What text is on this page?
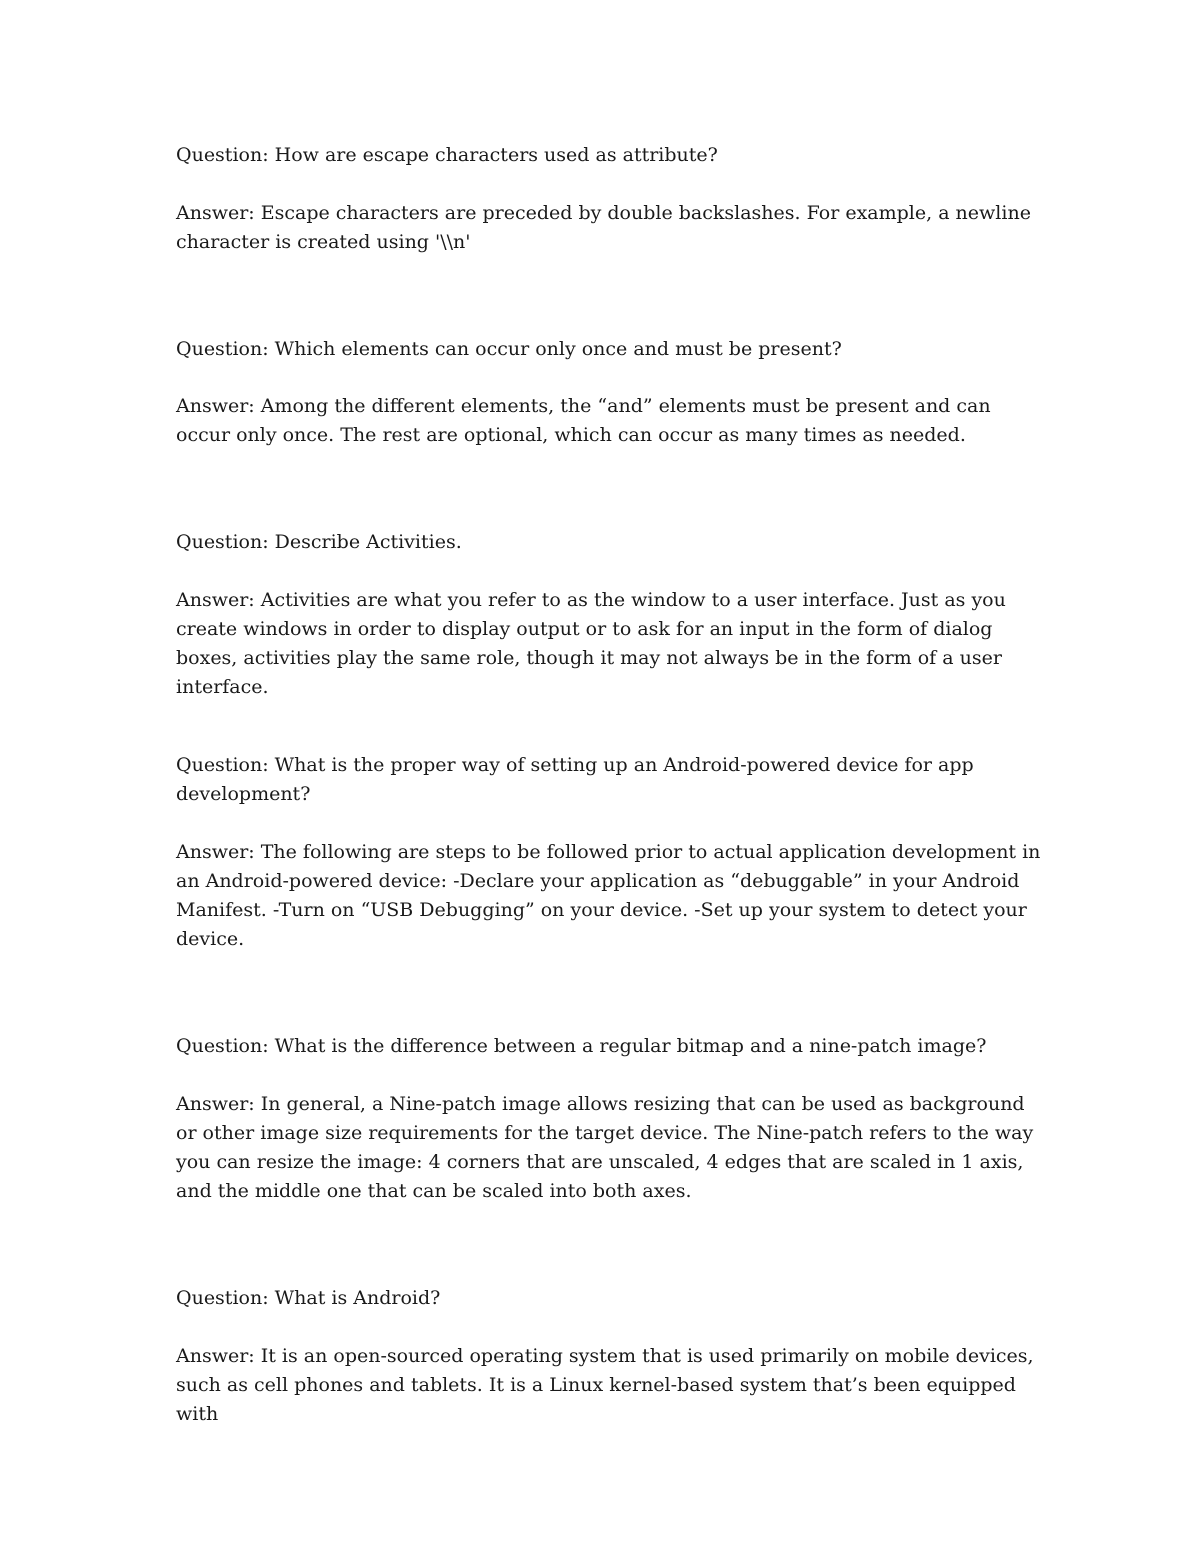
Question: How are escape characters used as attribute?

Answer: Escape characters are preceded by double backslashes. For example, a newline character is created using '\\n'

Question: Which elements can occur only once and must be present?

Answer: Among the different elements, the “and” elements must be present and can occur only once. The rest are optional, which can occur as many times as needed.

Question: Describe Activities.

Answer: Activities are what you refer to as the window to a user interface. Just as you create windows in order to display output or to ask for an input in the form of dialog boxes, activities play the same role, though it may not always be in the form of a user interface.

Question: What is the proper way of setting up an Android-powered device for app development?

Answer: The following are steps to be followed prior to actual application development in an Android-powered device: -Declare your application as “debuggable” in your Android Manifest. -Turn on “USB Debugging” on your device. -Set up your system to detect your device.

Question: What is the difference between a regular bitmap and a nine-patch image?

Answer: In general, a Nine-patch image allows resizing that can be used as background or other image size requirements for the target device. The Nine-patch refers to the way you can resize the image: 4 corners that are unscaled, 4 edges that are scaled in 1 axis, and the middle one that can be scaled into both axes.

Question: What is Android?

Answer: It is an open-sourced operating system that is used primarily on mobile devices, such as cell phones and tablets. It is a Linux kernel-based system that’s been equipped with
